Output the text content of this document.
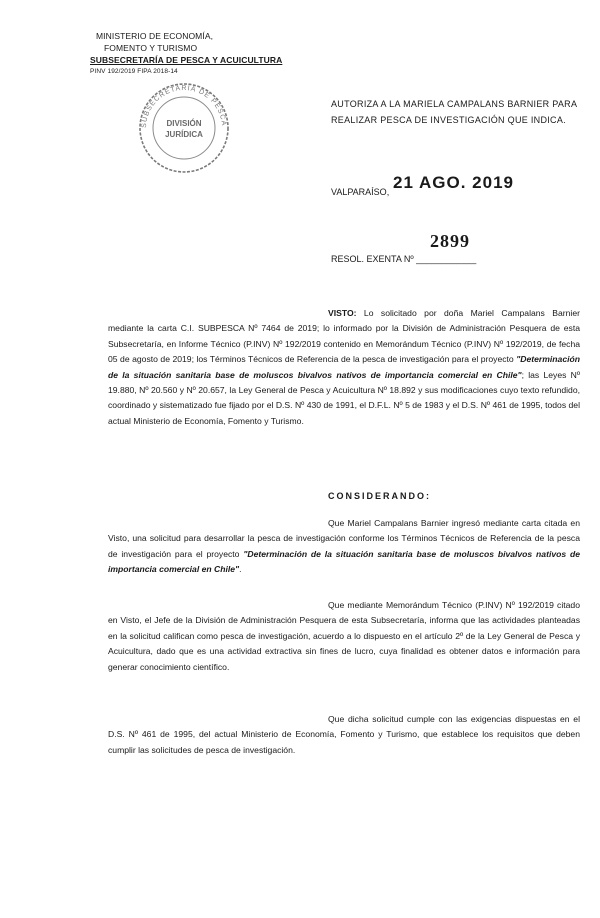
MINISTERIO DE ECONOMÍA,
FOMENTO Y TURISMO
SUBSECRETARÍA DE PESCA Y ACUICULTURA
PINV 192/2019 FIPA 2018-14
SUBSECRETARÍA DE PESCA
DIVISIÓN
JURÍDICA
AUTORIZA A LA MARIELA CAMPALANS BARNIER PARA REALIZAR PESCA DE INVESTIGACIÓN QUE INDICA.
VALPARAÍSO, 21 AGO. 2019
2899
RESOL. EXENTA Nº ____________
VISTO: Lo solicitado por doña Mariel Campalans Barnier mediante la carta C.I. SUBPESCA Nº 7464 de 2019; lo informado por la División de Administración Pesquera de esta Subsecretaría, en Informe Técnico (P.INV) Nº 192/2019 contenido en Memorándum Técnico (P.INV) Nº 192/2019, de fecha 05 de agosto de 2019; los Términos Técnicos de Referencia de la pesca de investigación para el proyecto "Determinación de la situación sanitaria base de moluscos bivalvos nativos de importancia comercial en Chile"; las Leyes Nº 19.880, Nº 20.560 y Nº 20.657, la Ley General de Pesca y Acuicultura Nº 18.892 y sus modificaciones cuyo texto refundido, coordinado y sistematizado fue fijado por el D.S. Nº 430 de 1991, el D.F.L. Nº 5 de 1983 y el D.S. Nº 461 de 1995, todos del actual Ministerio de Economía, Fomento y Turismo.
CONSIDERANDO:
Que Mariel Campalans Barnier ingresó mediante carta citada en Visto, una solicitud para desarrollar la pesca de investigación conforme los Términos Técnicos de Referencia de la pesca de investigación para el proyecto "Determinación de la situación sanitaria base de moluscos bivalvos nativos de importancia comercial en Chile".
Que mediante Memorándum Técnico (P.INV) Nº 192/2019 citado en Visto, el Jefe de la División de Administración Pesquera de esta Subsecretaría, informa que las actividades planteadas en la solicitud califican como pesca de investigación, acuerdo a lo dispuesto en el artículo 2º de la Ley General de Pesca y Acuicultura, dado que es una actividad extractiva sin fines de lucro, cuya finalidad es obtener datos e información para generar conocimiento científico.
Que dicha solicitud cumple con las exigencias dispuestas en el D.S. Nº 461 de 1995, del actual Ministerio de Economía, Fomento y Turismo, que establece los requisitos que deben cumplir las solicitudes de pesca de investigación.
